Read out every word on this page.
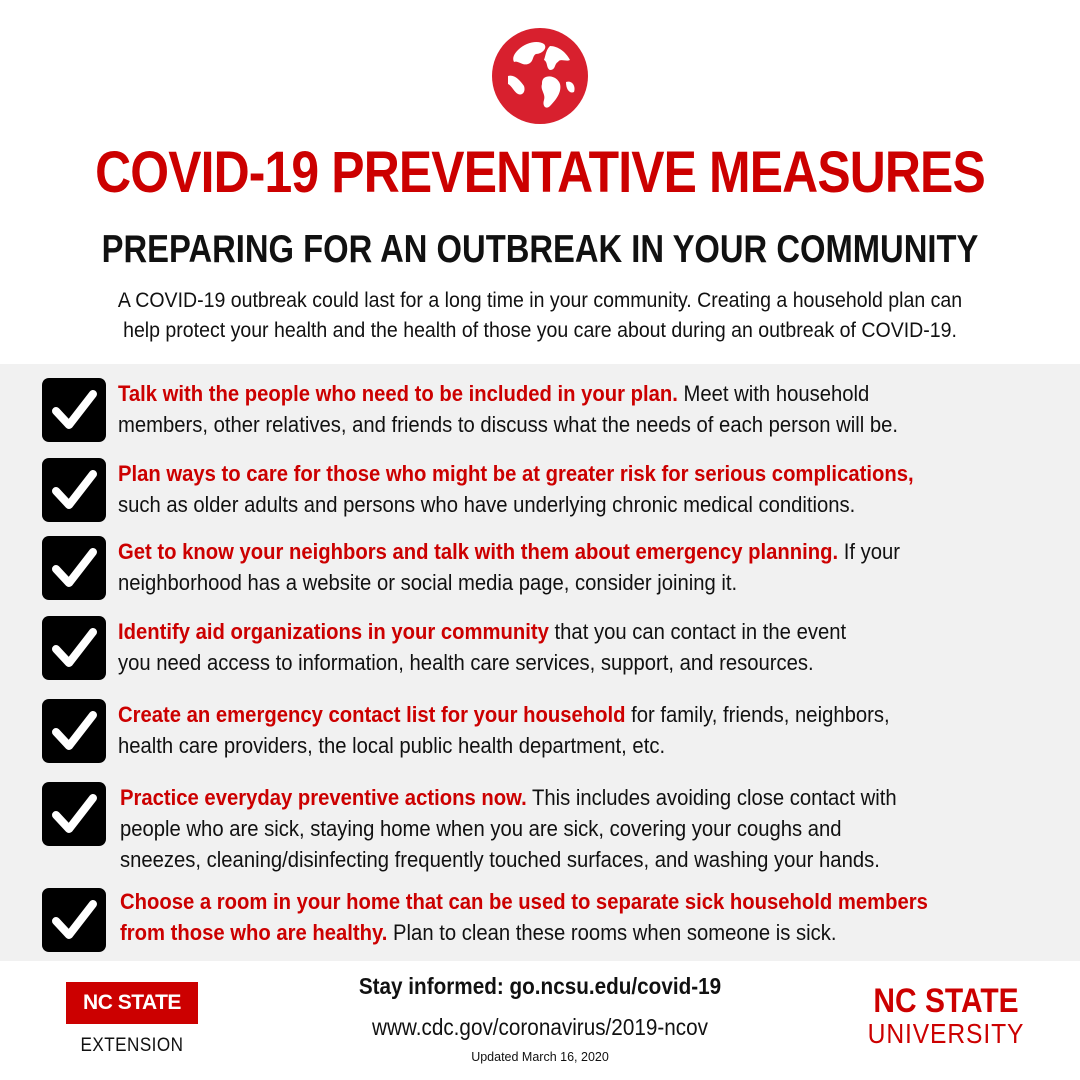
COVID-19 PREVENTATIVE MEASURES
PREPARING FOR AN OUTBREAK IN YOUR COMMUNITY
A COVID-19 outbreak could last for a long time in your community. Creating a household plan can
help protect your health and the health of those you care about during an outbreak of COVID-19.
Talk with the people who need to be included in your plan. Meet with household
members, other relatives, and friends to discuss what the needs of each person will be.
Plan ways to care for those who might be at greater risk for serious complications,
such as older adults and persons who have underlying chronic medical conditions.
Get to know your neighbors and talk with them about emergency planning. If your
neighborhood has a website or social media page, consider joining it.
Identify aid organizations in your community that you can contact in the event
you need access to information, health care services, support, and resources.
Create an emergency contact list for your household for family, friends, neighbors,
health care providers, the local public health department, etc.
Practice everyday preventive actions now. This includes avoiding close contact with
people who are sick, staying home when you are sick, covering your coughs and
sneezes, cleaning/disinfecting frequently touched surfaces, and washing your hands.
Choose a room in your home that can be used to separate sick household members
from those who are healthy. Plan to clean these rooms when someone is sick.
NC STATE
EXTENSION
Stay informed: go.ncsu.edu/covid-19
www.cdc.gov/coronavirus/2019-ncov
Updated March 16, 2020
NC STATE
UNIVERSITY
